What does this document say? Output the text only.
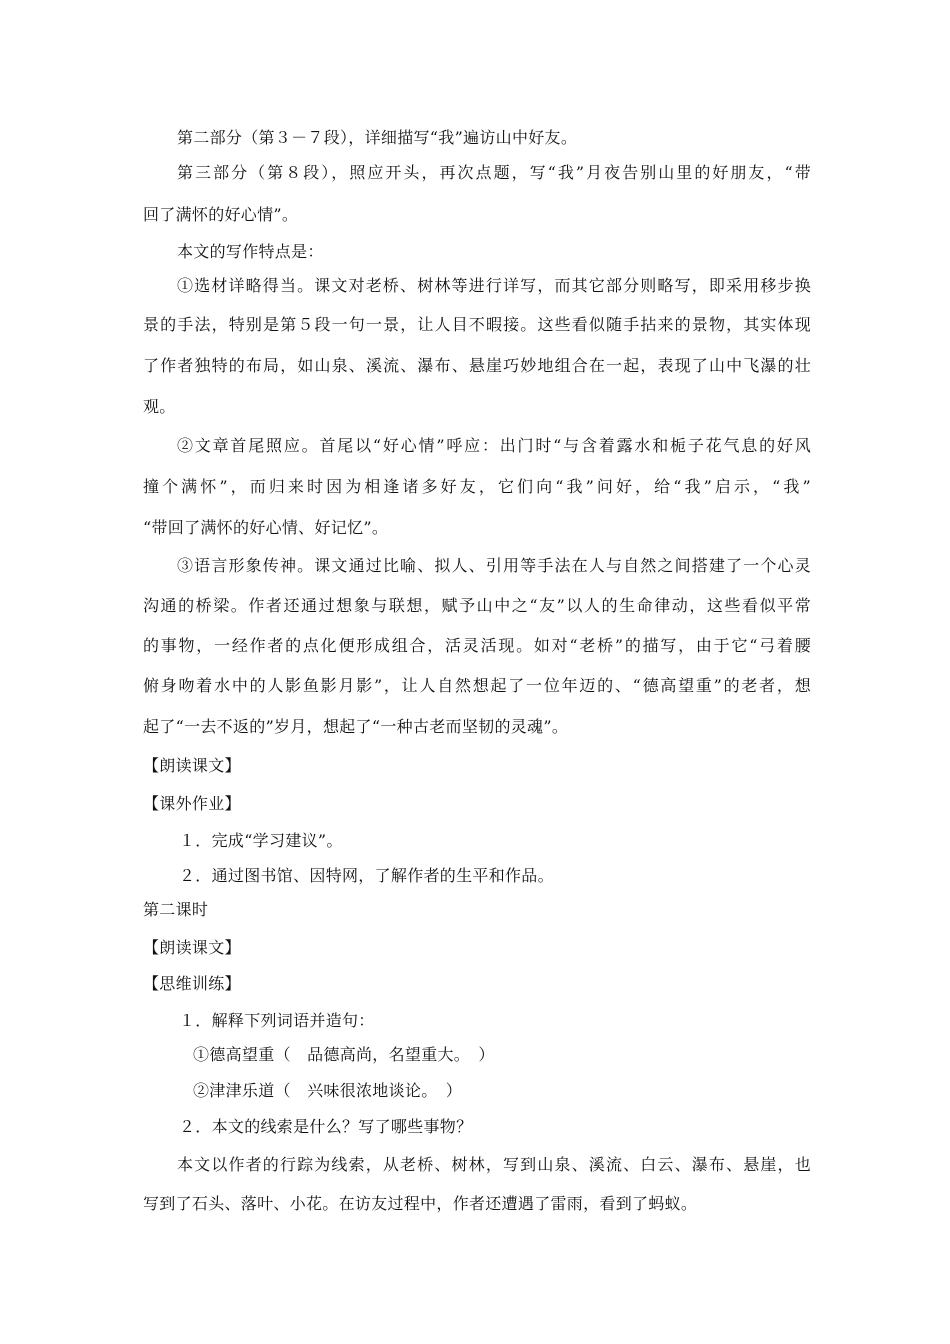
第二部分（第３－７段），详细描写“我”遍访山中好友。
第三部分（第８段），照应开头，再次点题，写“我”月夜告别山里的好朋友，“带
回了满怀的好心情”。
本文的写作特点是：
①选材详略得当。课文对老桥、树林等进行详写，而其它部分则略写，即采用移步换
景的手法，特别是第５段一句一景，让人目不暇接。这些看似随手拈来的景物，其实体现
了作者独特的布局，如山泉、溪流、瀑布、悬崖巧妙地组合在一起，表现了山中飞瀑的壮
观。
②文章首尾照应。首尾以“好心情”呼应：出门时“与含着露水和栀子花气息的好风
撞个满怀”，而归来时因为相逢诸多好友，它们向“我”问好，给“我”启示，“我”
“带回了满怀的好心情、好记忆”。
③语言形象传神。课文通过比喻、拟人、引用等手法在人与自然之间搭建了一个心灵
沟通的桥梁。作者还通过想象与联想，赋予山中之“友”以人的生命律动，这些看似平常
的事物，一经作者的点化便形成组合，活灵活现。如对“老桥”的描写，由于它“弓着腰
俯身吻着水中的人影鱼影月影”，让人自然想起了一位年迈的、“德高望重”的老者，想
起了“一去不返的”岁月，想起了“一种古老而坚韧的灵魂”。
【朗读课文】
【课外作业】
１．完成“学习建议”。
２．通过图书馆、因特网，了解作者的生平和作品。
第二课时
【朗读课文】
【思维训练】
１．解释下列词语并造句：
①德高望重（　品德高尚，名望重大。　）
②津津乐道（　兴味很浓地谈论。　）
２．本文的线索是什么？写了哪些事物？
本文以作者的行踪为线索，从老桥、树林，写到山泉、溪流、白云、瀑布、悬崖，也
写到了石头、落叶、小花。在访友过程中，作者还遭遇了雷雨，看到了蚂蚁。
